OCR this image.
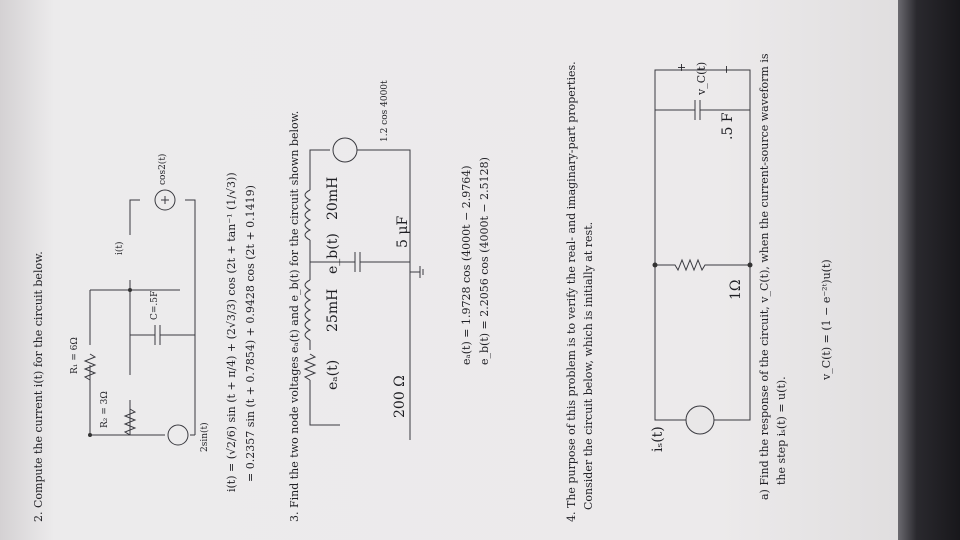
2. Compute the current i(t) for the circuit below.	R₁ = 6Ω
R₂ = 3Ω
2sin(t)
cos2(t)
C=.5F
i(t)	i(t) = (√2/6) sin (t + π/4) + (2√3/3) cos (2t + tan⁻¹ (1/√3)) = 0.2357 sin (t + 0.7854) + 0.9428 cos (2t + 0.1419)	3. Find the two node voltages eₐ(t) and e_b(t) for the circuit shown below. eₐ(t)
25mH
e_b(t)
20mH
200 Ω
5 μF
1.2 cos 4000t
eₐ(t) = 1.9728 cos (4000t − 2.9764) e_b(t) = 2.2056 cos (4000t − 2.5128)	4. The purpose of this problem is to verify the real- and imaginary-part properties. Consider the circuit below, which is initially at rest.	iₛ(t)
1Ω
.5 F
v_C(t)
+	− a) Find the response of the circuit, v_C(t), when the current-source waveform is the step iₛ(t) = u(t).
v_C(t) = (1 − e⁻²ᵗ)u(t)
